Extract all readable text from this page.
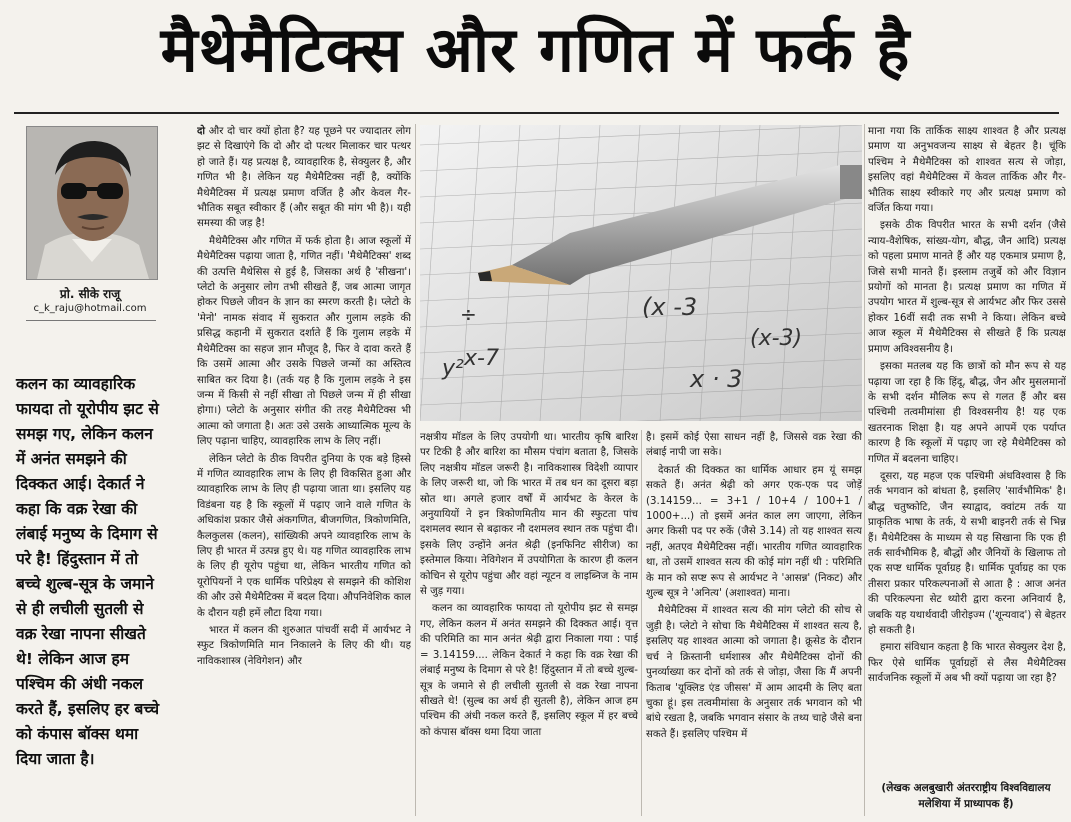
मैथेमैटिक्स और गणित में फर्क है
प्रो. सीके राजू
c_k_raju@hotmail.com
कलन का व्यावहारिक फायदा तो यूरोपीय झट से समझ गए, लेकिन कलन में अनंत समझने की दिक्कत आई। देकार्त ने कहा कि वक्र रेखा की लंबाई मनुष्य के दिमाग से परे है! हिंदुस्तान में तो बच्चे शुल्ब-सूत्र के जमाने से ही लचीली सुतली से वक्र रेखा नापना सीखते थे! लेकिन आज हम पश्चिम की अंधी नकल करते हैं, इसलिए हर बच्चे को कंपास बॉक्स थमा दिया जाता है।

दो और दो चार क्यों होता है? यह पूछने पर ज्यादातर लोग झट से दिखाएंगे कि दो और दो पत्थर मिलाकर चार पत्थर हो जाते हैं। यह प्रत्यक्ष है, व्यावहारिक है, सेक्युलर है, और गणित भी है। लेकिन यह मैथेमैटिक्स नहीं है, क्योंकि मैथेमैटिक्स में प्रत्यक्ष प्रमाण वर्जित है और केवल गैर-भौतिक सबूत स्वीकार हैं (और सबूत की मांग भी है)। यही समस्या की जड़ है!

मैथेमैटिक्स और गणित में फर्क होता है। आज स्कूलों में मैथेमैटिक्स पढ़ाया जाता है, गणित नहीं। 'मैथेमैटिक्स' शब्द की उत्पत्ति मैथेसिस से हुई है, जिसका अर्थ है 'सीखना'। प्लेटो के अनुसार लोग तभी सीखते हैं, जब आत्मा जागृत होकर पिछले जीवन के ज्ञान का स्मरण करती है। प्लेटो के 'मेनो' नामक संवाद में सुकरात और गुलाम लड़के की प्रसिद्ध कहानी में सुकरात दर्शाते हैं कि गुलाम लड़के में मैथेमैटिक्स का सहज ज्ञान मौजूद है, फिर वे दावा करते हैं कि उसमें आत्मा और उसके पिछले जन्मों का अस्तित्व साबित कर दिया है। (तर्क यह है कि गुलाम लड़के ने इस जन्म में किसी से नहीं सीखा तो पिछले जन्म में ही सीखा होगा।) प्लेटो के अनुसार संगीत की तरह मैथेमैटिक्स भी आत्मा को जगाता है। अतः उसे उसके आध्यात्मिक मूल्य के लिए पढ़ाना चाहिए, व्यावहारिक लाभ के लिए नहीं।

लेकिन प्लेटो के ठीक विपरीत दुनिया के एक बड़े हिस्से में गणित व्यावहारिक लाभ के लिए ही विकसित हुआ और व्यावहारिक लाभ के लिए ही पढ़ाया जाता था। इसलिए यह विडंबना यह है कि स्कूलों में पढ़ाए जाने वाले गणित के अधिकांश प्रकार जैसे अंकगणित, बीजगणित, त्रिकोणमिति, कैलकुलस (कलन), सांख्यिकी अपने व्यावहारिक लाभ के लिए ही भारत में उत्पन्न हुए थे। यह गणित व्यावहारिक लाभ के लिए ही यूरोप पहुंचा था, लेकिन भारतीय गणित को यूरोपियनों ने एक धार्मिक परिप्रेक्ष्य से समझने की कोशिश की और उसे मैथेमैटिक्स में बदल दिया। औपनिवेशिक काल के दौरान यही हमें लौटा दिया गया।

भारत में कलन की शुरुआत पांचवीं सदी में आर्यभट ने स्फुट त्रिकोणमिति मान निकालने के लिए की थी। यह नाविकशास्त्र (नेविगेशन) और

y²
÷	(x -3
x-7
x · 3
(x-3)

नक्षत्रीय मॉडल के लिए उपयोगी था। भारतीय कृषि बारिश पर टिकी है और बारिश का मौसम पंचांग बताता है, जिसके लिए नक्षत्रीय मॉडल जरूरी है। नाविकशास्त्र विदेशी व्यापार के लिए जरूरी था, जो कि भारत में तब धन का दूसरा बड़ा स्रोत था। अगले हजार वर्षों में आर्यभट के केरल के अनुयायियों ने इन त्रिकोणमितीय मान की स्फुटता पांच दशमलव स्थान से बढ़ाकर नौ दशमलव स्थान तक पहुंचा दी। इसके लिए उन्होंने अनंत श्रेढ़ी (इनफिनिट सीरीज) का इस्तेमाल किया। नेविगेशन में उपयोगिता के कारण ही कलन कोचिन से यूरोप पहुंचा और वहां न्यूटन व लाइब्निज के नाम से जुड़ गया।

कलन का व्यावहारिक फायदा तो यूरोपीय झट से समझ गए, लेकिन कलन में अनंत समझने की दिक्कत आई। वृत्त की परिमिति का मान अनंत श्रेढ़ी द्वारा निकाला गया : पाई = 3.14159.... लेकिन देकार्त ने कहा कि वक्र रेखा की लंबाई मनुष्य के दिमाग से परे है! हिंदुस्तान में तो बच्चे शुल्ब-सूत्र के जमाने से ही लचीली सुतली से वक्र रेखा नापना सीखते थे! (सुल्ब का अर्थ ही सुतली है), लेकिन आज हम पश्चिम की अंधी नकल करते हैं, इसलिए स्कूल में हर बच्चे को कंपास बॉक्स थमा दिया जाता

है। इसमें कोई ऐसा साधन नहीं है, जिससे वक्र रेखा की लंबाई नापी जा सके।

देकार्त की दिक्कत का धार्मिक आधार हम यूं समझ सकते हैं। अनंत श्रेढ़ी को अगर एक-एक पद जोड़ें (3.14159... = 3+1 / 10+4 / 100+1 / 1000+...) तो इसमें अनंत काल लग जाएगा, लेकिन अगर किसी पद पर रुकें (जैसे 3.14) तो यह शाश्वत सत्य नहीं, अतएव मैथेमैटिक्स नहीं। भारतीय गणित व्यावहारिक था, तो उसमें शाश्वत सत्य की कोई मांग नहीं थी : परिमिति के मान को सप्ष्ट रूप से आर्यभट ने 'आसन्न' (निकट) और शुल्ब सूत्र ने 'अनित्य' (अशाश्वत) माना।

मैथेमैटिक्स में शाश्वत सत्य की मांग प्लेटो की सोच से जुड़ी है। प्लेटो ने सोचा कि मैथेमैटिक्स में शाश्वत सत्य है, इसलिए यह शाश्वत आत्मा को जगाता है। क्रूसेड के दौरान चर्च ने क्रिस्तानी धर्मशास्त्र और मैथेमैटिक्स दोनों की पुनर्व्याख्या कर दोनों को तर्क से जोड़ा, जैसा कि मैं अपनी किताब 'यूक्लिड एंड जीसस' में आम आदमी के लिए बता चुका हूं। इस तत्वमीमांसा के अनुसार तर्क भगवान को भी बांधे रखता है, जबकि भगवान संसार के तथ्य चाहे जैसे बना सकते हैं। इसलिए पश्चिम में

माना गया कि तार्किक साक्ष्य शाश्वत है और प्रत्यक्ष प्रमाण या अनुभवजन्य साक्ष्य से बेहतर है। चूंकि पश्चिम ने मैथेमैटिक्स को शाश्वत सत्य से जोड़ा, इसलिए वहां मैथेमैटिक्स में केवल तार्किक और गैर-भौतिक साक्ष्य स्वीकारे गए और प्रत्यक्ष प्रमाण को वर्जित किया गया।

इसके ठीक विपरीत भारत के सभी दर्शन (जैसे न्याय-वैशेषिक, सांख्य-योग, बौद्ध, जैन आदि) प्रत्यक्ष को पहला प्रमाण मानते हैं और यह एकमात्र प्रमाण है, जिसे सभी मानते हैं। इस्लाम तजुर्बे को और विज्ञान प्रयोगों को मानता है। प्रत्यक्ष प्रमाण का गणित में उपयोग भारत में शुल्ब-सूत्र से आर्यभट और फिर उससे होकर 16वीं सदी तक सभी ने किया। लेकिन बच्चे आज स्कूल में मैथेमैटिक्स से सीखते हैं कि प्रत्यक्ष प्रमाण अविश्वसनीय है।

इसका मतलब यह कि छात्रों को मौन रूप से यह पढ़ाया जा रहा है कि हिंदू, बौद्ध, जैन और मुसलमानों के सभी दर्शन मौलिक रूप से गलत हैं और बस पश्चिमी तत्वमीमांसा ही विश्वसनीय है! यह एक खतरनाक शिक्षा है। यह अपने आपमें एक पर्याप्त कारण है कि स्कूलों में पढ़ाए जा रहे मैथेमैटिक्स को गणित में बदलना चाहिए।

दूसरा, यह महज एक पश्चिमी अंधविश्वास है कि तर्क भगवान को बांधता है, इसलिए 'सार्वभौमिक' है। बौद्ध चतुष्कोटि, जैन स्याद्वाद, क्वांटम तर्क या प्राकृतिक भाषा के तर्क, ये सभी बाइनरी तर्क से भिन्न हैं। मैथेमैटिक्स के माध्यम से यह सिखाना कि एक ही तर्क सार्वभौमिक है, बौद्धों और जैनियों के खिलाफ तो एक सप्ष्ट धार्मिक पूर्वाग्रह है। धार्मिक पूर्वाग्रह का एक तीसरा प्रकार परिकल्पनाओं से आता है : आज अनंत की परिकल्पना सेट थ्योरी द्वारा करना अनिवार्य है, जबकि यह यथार्थवादी जीरोइज्म ('शून्यवाद') से बेहतर हो सकती है।

हमारा संविधान कहता है कि भारत सेक्युलर देश है, फिर ऐसे धार्मिक पूर्वाग्रहों से लैस मैथेमैटिक्स सार्वजनिक स्कूलों में अब भी क्यों पढ़ाया जा रहा है?

(लेखक अलबुखारी अंतरराष्ट्रीय विश्वविद्यालय मलेशिया में प्राध्यापक हैं)
